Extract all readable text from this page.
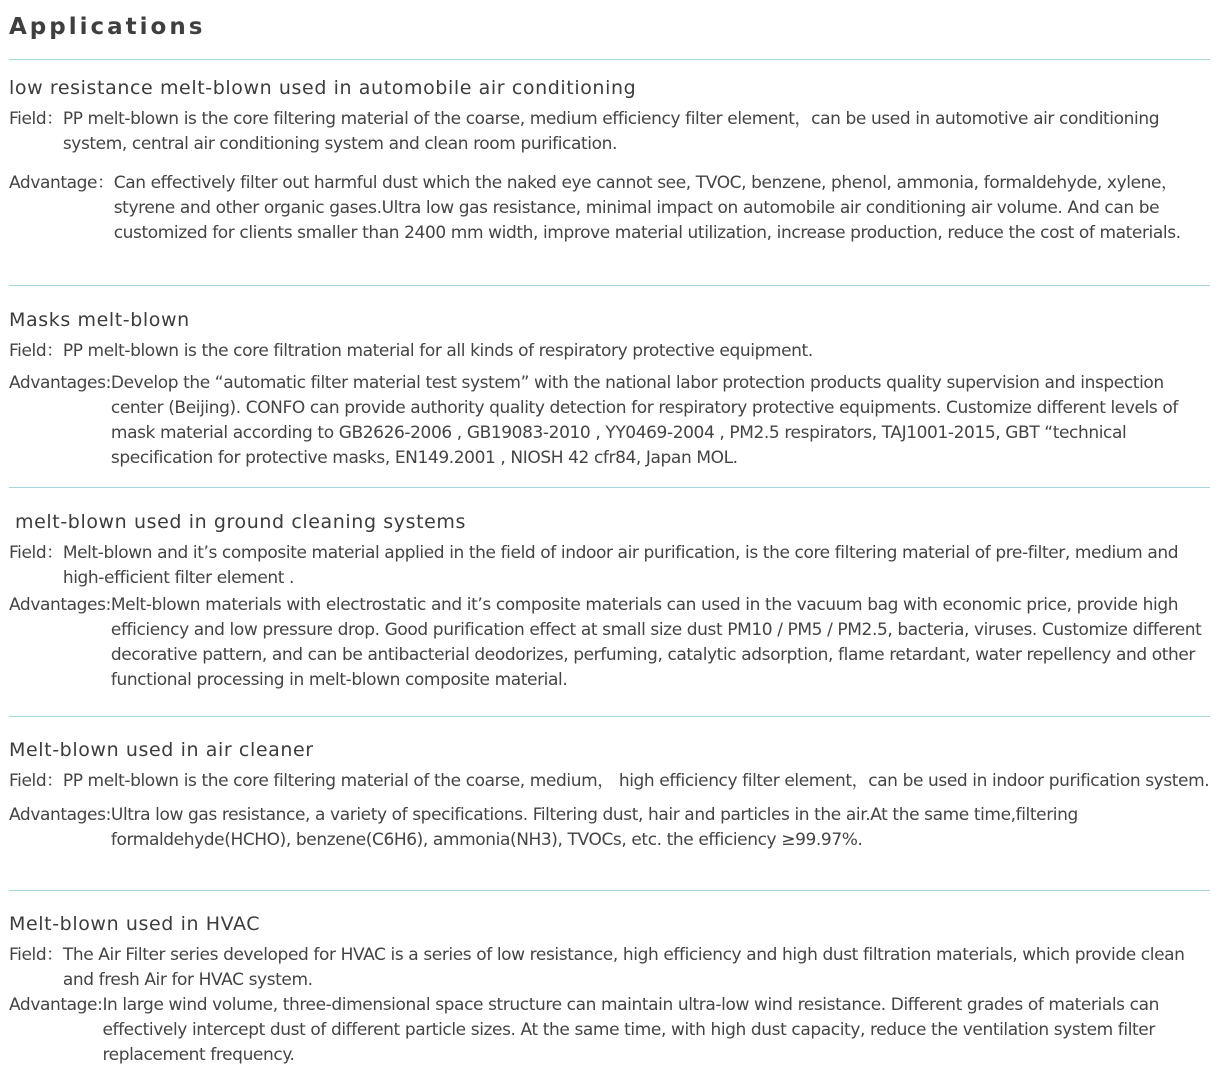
Applications
low resistance melt-blown used in automobile air conditioning
Field： PP melt-blown is the core filtering material of the coarse, medium efficiency filter element，can be used in automotive air conditioning system, central air conditioning system and clean room purification.
Advantage： Can effectively filter out harmful dust which the naked eye cannot see, TVOC, benzene, phenol, ammonia, formaldehyde, xylene，styrene and other organic gases.Ultra low gas resistance, minimal impact on automobile air conditioning air volume. And can be customized for clients smaller than 2400 mm width, improve material utilization, increase production, reduce the cost of materials.
Masks melt-blown
Field： PP melt-blown is the core filtration material for all kinds of respiratory protective equipment.
Advantages: Develop the “automatic filter material test system” with the national labor protection products quality supervision and inspection center (Beijing). CONFO can provide authority quality detection for respiratory protective equipments. Customize different levels of mask material according to GB2626-2006 , GB19083-2010 , YY0469-2004 , PM2.5 respirators, TAJ1001-2015, GBT “technical specification for protective masks, EN149.2001 , NIOSH 42 cfr84, Japan MOL.
melt-blown used in ground cleaning systems
Field： Melt-blown and it’s composite material applied in the field of indoor air purification, is the core filtering material of pre-filter, medium and high-efficient filter element .
Advantages: Melt-blown materials with electrostatic and it’s composite materials can used in the vacuum bag with economic price, provide high efficiency and low pressure drop. Good purification effect at small size dust PM10 / PM5 / PM2.5, bacteria, viruses. Customize different decorative pattern, and can be antibacterial deodorizes, perfuming, catalytic adsorption, flame retardant, water repellency and other functional processing in melt-blown composite material.
Melt-blown used in air cleaner
Field： PP melt-blown is the core filtering material of the coarse, medium， high efficiency filter element，can be used in indoor purification system.
Advantages: Ultra low gas resistance, a variety of specifications. Filtering dust, hair and particles in the air.At the same time,filtering formaldehyde(HCHO), benzene(C6H6), ammonia(NH3), TVOCs, etc. the efficiency ≥99.97%.
Melt-blown used in HVAC
Field： The Air Filter series developed for HVAC is a series of low resistance, high efficiency and high dust filtration materials, which provide clean and fresh Air for HVAC system.
Advantage: In large wind volume, three-dimensional space structure can maintain ultra-low wind resistance. Different grades of materials can effectively intercept dust of different particle sizes. At the same time, with high dust capacity, reduce the ventilation system filter replacement frequency.
